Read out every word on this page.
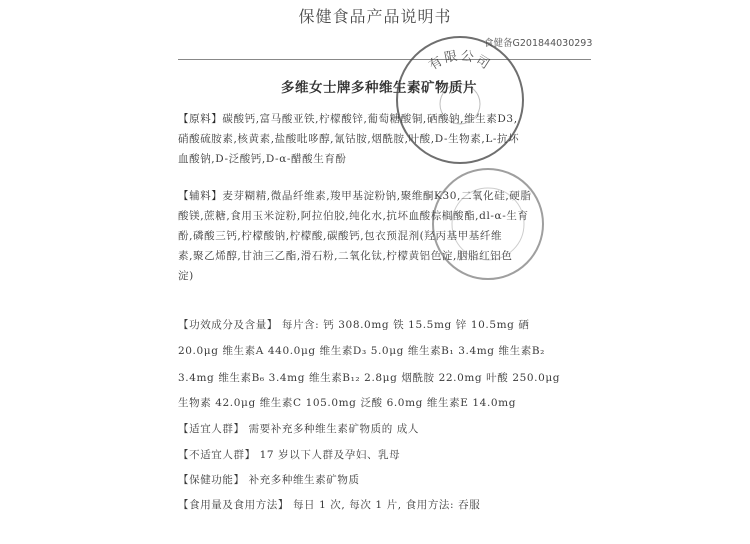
保健食品产品说明书
食健备G201844030293
多维女士牌多种维生素矿物质片
【原料】碳酸钙,富马酸亚铁,柠檬酸锌,葡萄糖酸铜,硒酸钠,维生素D3,
硝酸硫胺素,核黄素,盐酸吡哆醇,氰钴胺,烟酰胺,叶酸,D-生物素,L-抗坏
血酸钠,D-泛酸钙,D-α-醋酸生育酚
【辅料】麦芽糊精,微晶纤维素,羧甲基淀粉钠,聚维酮K30,二氧化硅,硬脂
酸镁,蔗糖,食用玉米淀粉,阿拉伯胶,纯化水,抗坏血酸棕榈酸酯,dl-α-生育
酚,磷酸三钙,柠檬酸钠,柠檬酸,碳酸钙,包衣预混剂(羟丙基甲基纤维
素,聚乙烯醇,甘油三乙酯,滑石粉,二氧化钛,柠檬黄铝色淀,胭脂红铝色
淀)
【功效成分及含量】 每片含: 钙 308.0mg 铁 15.5mg 锌 10.5mg 硒
20.0μg 维生素A 440.0μg 维生素D₃ 5.0μg 维生素B₁ 3.4mg 维生素B₂
3.4mg 维生素B₆ 3.4mg 维生素B₁₂ 2.8μg 烟酰胺 22.0mg 叶酸 250.0μg
生物素 42.0μg 维生素C 105.0mg 泛酸 6.0mg 维生素E 14.0mg
【适宜人群】 需要补充多种维生素矿物质的 成人
【不适宜人群】 17 岁以下人群及孕妇、乳母
【保健功能】 补充多种维生素矿物质
【食用量及食用方法】 每日 1 次, 每次 1 片, 食用方法: 吞服
有限公司
